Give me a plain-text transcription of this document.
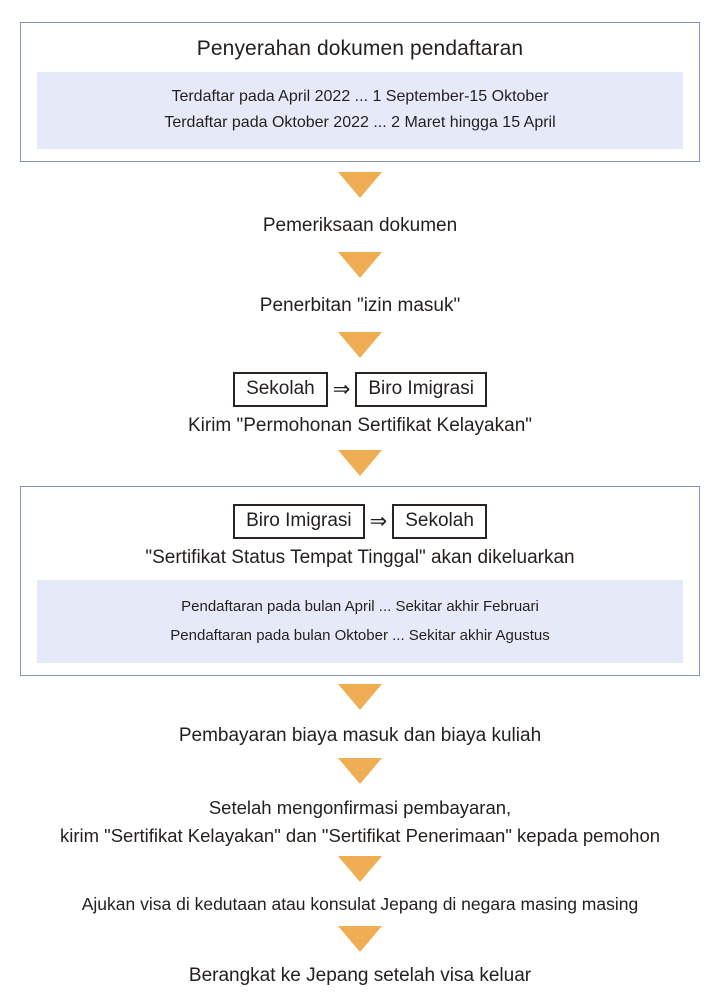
Penyerahan dokumen pendaftaran
Terdaftar pada April 2022 ... 1 September-15 Oktober
Terdaftar pada Oktober 2022 ... 2 Maret hingga 15 April
Pemeriksaan dokumen
Penerbitan "izin masuk"
Sekolah ⇒ Biro Imigrasi
Kirim "Permohonan Sertifikat Kelayakan"
Biro Imigrasi ⇒ Sekolah
"Sertifikat Status Tempat Tinggal" akan dikeluarkan
Pendaftaran pada bulan April ... Sekitar akhir Februari
Pendaftaran pada bulan Oktober ... Sekitar akhir Agustus
Pembayaran biaya masuk dan biaya kuliah
Setelah mengonfirmasi pembayaran,
kirim "Sertifikat Kelayakan" dan "Sertifikat Penerimaan" kepada pemohon
Ajukan visa di kedutaan atau konsulat Jepang di negara masing masing
Berangkat ke Jepang setelah visa keluar
